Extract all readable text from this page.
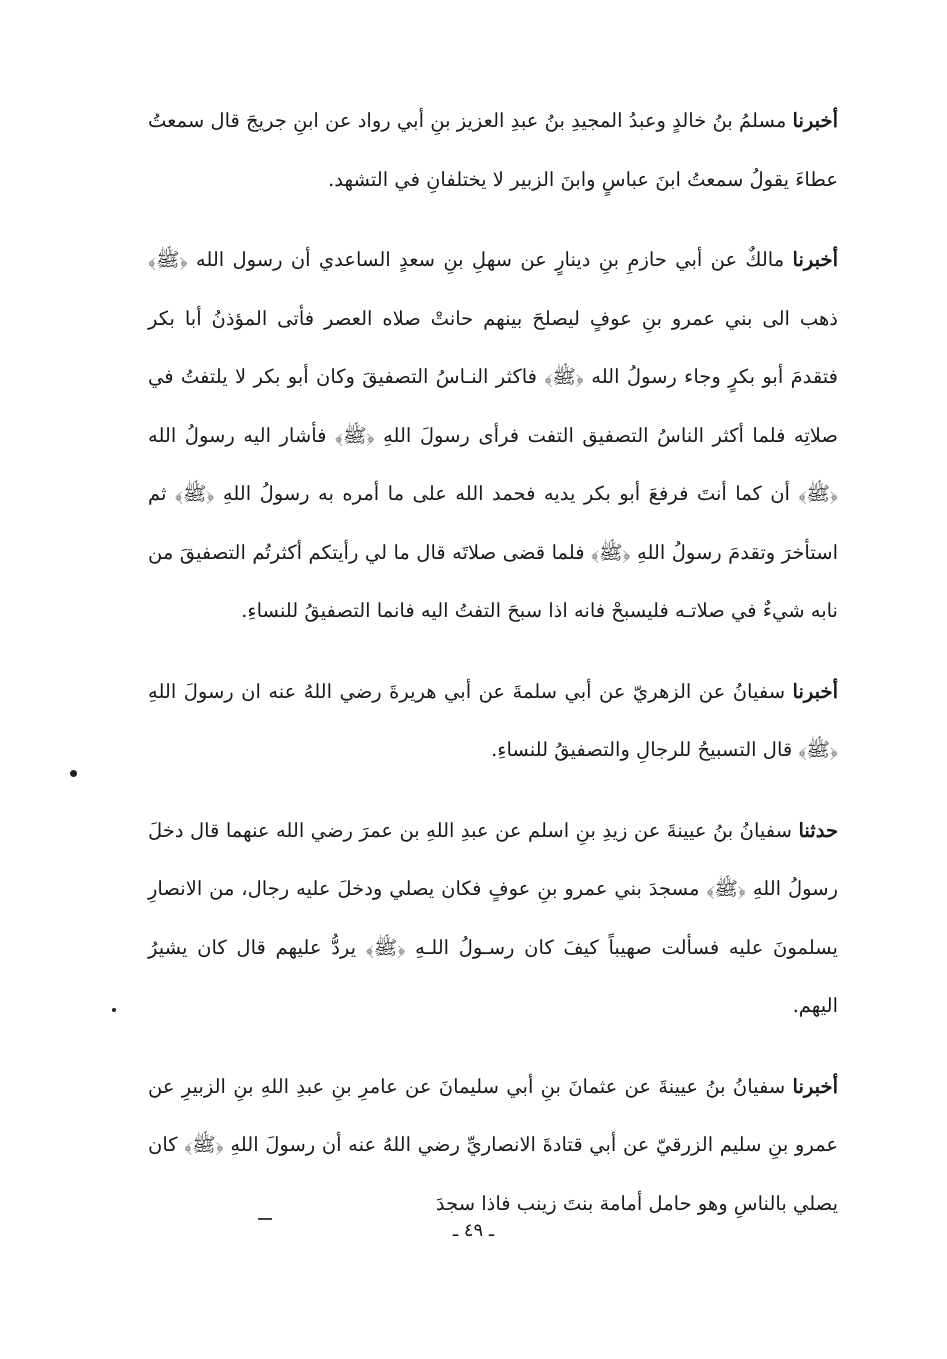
أخبرنا مسلمُ بنُ خالدٍ وعبدُ المجيدِ بنُ عبدِ العزيز بنِ أبي رواد عن ابنِ جريجَ قال سمعتُ عطاءَ يقولُ سمعتُ ابنَ عباسٍ وابنَ الزبير لا يختلفانِ في التشهد.

أخبرنا مالكٌ عن أبي حازمِ بنِ دينارٍ عن سهلِ بنِ سعدٍ الساعدي أن رسول الله ﴿ﷺ﴾ ذهب الى بني عمرو بنِ عوفٍ ليصلحَ بينهم حانتْ صلاه العصر فأتى المؤذنُ أبا بكر فتقدمَ أبو بكرٍ وجاء رسولُ الله ﴿ﷺ﴾ فاكثر النـاسُ التصفيقَ وكان أبو بكر لا يلتفتُ في صلاتِه فلما أكثر الناسُ التصفيق التفت فرأى رسولَ اللهِ ﴿ﷺ﴾ فأشار اليه رسولُ الله ﴿ﷺ﴾ أن كما أنتَ فرفعَ أبو بكر يديه فحمد الله على ما أمره به رسولُ اللهِ ﴿ﷺ﴾ ثم استأخرَ وتقدمَ رسولُ اللهِ ﴿ﷺ﴾ فلما قضى صلاتَه قال ما لي رأيتكم أكثرتُم التصفيقَ من نابه شيءٌ في صلاتـه فليسبحْ فانه اذا سبحَ التفتُ اليه فانما التصفيقُ للنساءِ.

أخبرنا سفيانُ عن الزهريّ عن أبي سلمةَ عن أبي هريرةَ رضي اللهُ عنه ان رسولَ اللهِ ﴿ﷺ﴾ قال التسبيحُ للرجالِ والتصفيقُ للنساءِ.

حدثنا سفيانُ بنُ عيينةَ عن زيدِ بنِ اسلم عن عبدِ اللهِ بن عمرَ رضي الله عنهما قال دخلَ رسولُ اللهِ ﴿ﷺ﴾ مسجدَ بني عمرو بنِ عوفٍ فكان يصلي ودخلَ عليه رجال، من الانصارِ يسلمونَ عليه فسألت صهيباً كيفَ كان رسـولُ اللـهِ ﴿ﷺ﴾ يردُّ عليهم قال كان يشيرُ اليهم.

أخبرنا سفيانُ بنُ عيينةَ عن عثمانَ بنِ أبي سليمانَ عن عامرِ بنِ عبدِ اللهِ بنِ الزبيرِ عن عمرو بنِ سليم الزرقيّ عن أبي قتادةَ الانصاريِّ رضي اللهُ عنه أن رسولَ اللهِ ﴿ﷺ﴾ كان يصلي بالناسِ وهو حامل أمامة بنتَ زينب فاذا سجدَ

ـ ٤٩ ـ
